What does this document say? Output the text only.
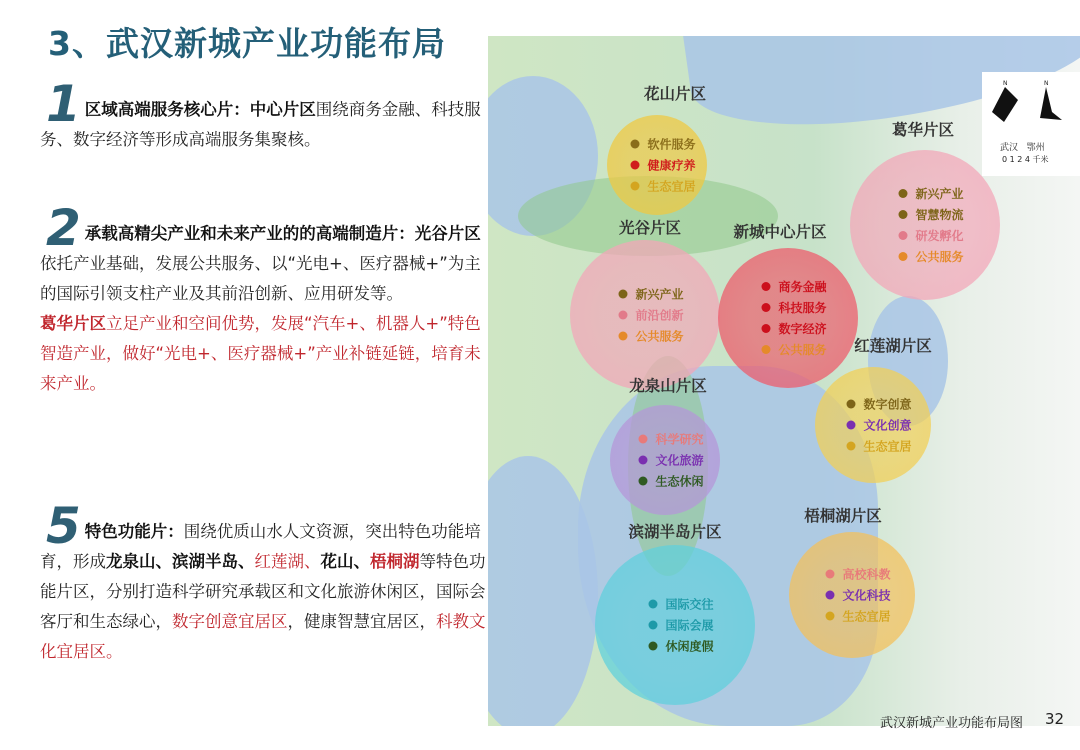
3、武汉新城产业功能布局
1 区域高端服务核心片：中心片区围绕商务金融、科技服务、数字经济等形成高端服务集聚核。
2 承载高精尖产业和未来产业的的高端制造片：光谷片区依托产业基础，发展公共服务、以“光电+、医疗器械+”为主的国际引领支柱产业及其前沿创新、应用研发等。
葛华片区立足产业和空间优势，发展“汽车+、机器人+”特色智造产业，做好“光电+、医疗器械+”产业补链延链，培育未来产业。
5 特色功能片：围绕优质山水人文资源，突出特色功能培育，形成龙泉山、滨湖半岛、红莲湖、花山、梧桐湖等特色功能片区，分别打造科学研究承载区和文化旅游休闲区，国际会客厅和生态绿心，数字创意宜居区，健康智慧宜居区，科教文化宜居区。
花山片区
软件服务
健康疗养
生态宜居
葛华片区
新兴产业
智慧物流
研发孵化
公共服务
光谷片区
新兴产业
前沿创新
公共服务
新城中心片区
商务金融
科技服务
数字经济
公共服务 红莲湖片区
数字创意
文化创意
生态宜居
龙泉山片区
科学研究
文化旅游
生态休闲
滨湖半岛片区
国际交往
国际会展
休闲度假
梧桐湖片区
高校科教
文化科技
生态宜居
N	N
武汉 鄂州
0 1 2 4 千米
武汉新城产业功能布局图 32
